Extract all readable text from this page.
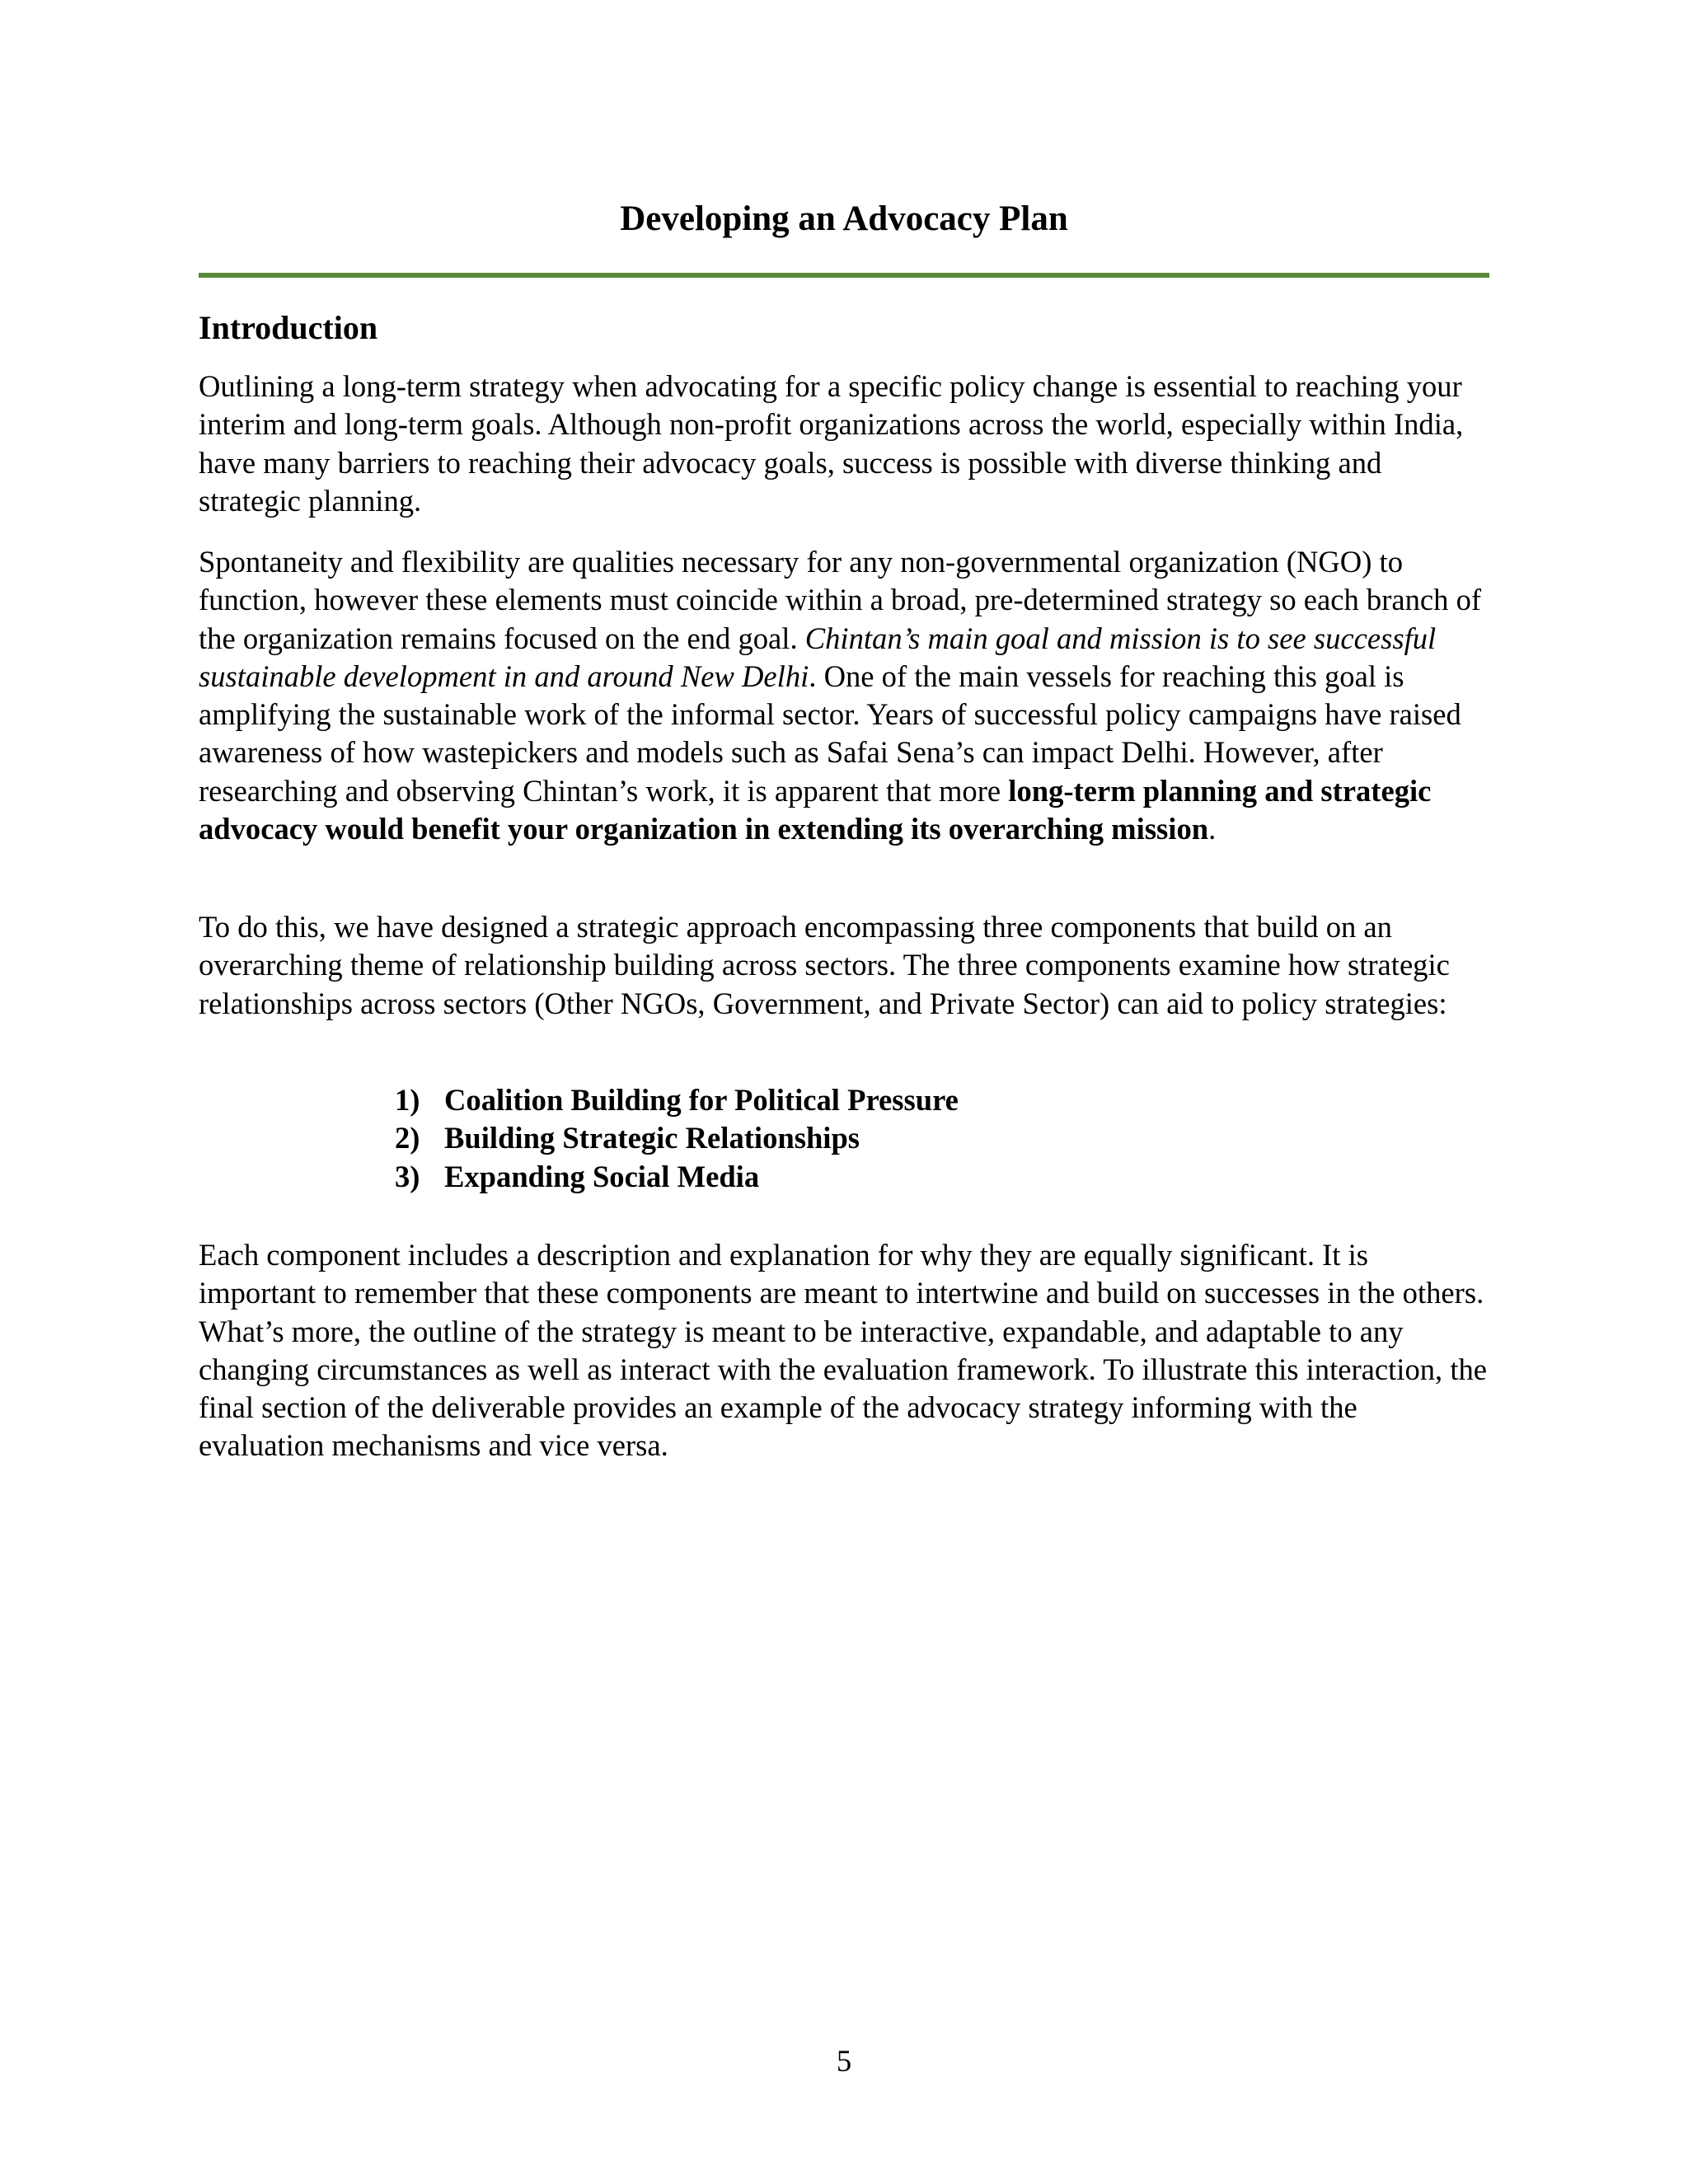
Developing an Advocacy Plan
Introduction

Outlining a long-term strategy when advocating for a specific policy change is essential to reaching your interim and long-term goals. Although non-profit organizations across the world, especially within India, have many barriers to reaching their advocacy goals, success is possible with diverse thinking and strategic planning.

Spontaneity and flexibility are qualities necessary for any non-governmental organization (NGO) to function, however these elements must coincide within a broad, pre-determined strategy so each branch of the organization remains focused on the end goal. Chintan’s main goal and mission is to see successful sustainable development in and around New Delhi. One of the main vessels for reaching this goal is amplifying the sustainable work of the informal sector. Years of successful policy campaigns have raised awareness of how wastepickers and models such as Safai Sena’s can impact Delhi. However, after researching and observing Chintan’s work, it is apparent that more long-term planning and strategic advocacy would benefit your organization in extending its overarching mission.

To do this, we have designed a strategic approach encompassing three components that build on an overarching theme of relationship building across sectors. The three components examine how strategic relationships across sectors (Other NGOs, Government, and Private Sector) can aid to policy strategies:

1) Coalition Building for Political Pressure
2) Building Strategic Relationships
3) Expanding Social Media

Each component includes a description and explanation for why they are equally significant. It is important to remember that these components are meant to intertwine and build on successes in the others. What’s more, the outline of the strategy is meant to be interactive, expandable, and adaptable to any changing circumstances as well as interact with the evaluation framework. To illustrate this interaction, the final section of the deliverable provides an example of the advocacy strategy informing with the evaluation mechanisms and vice versa.

5
